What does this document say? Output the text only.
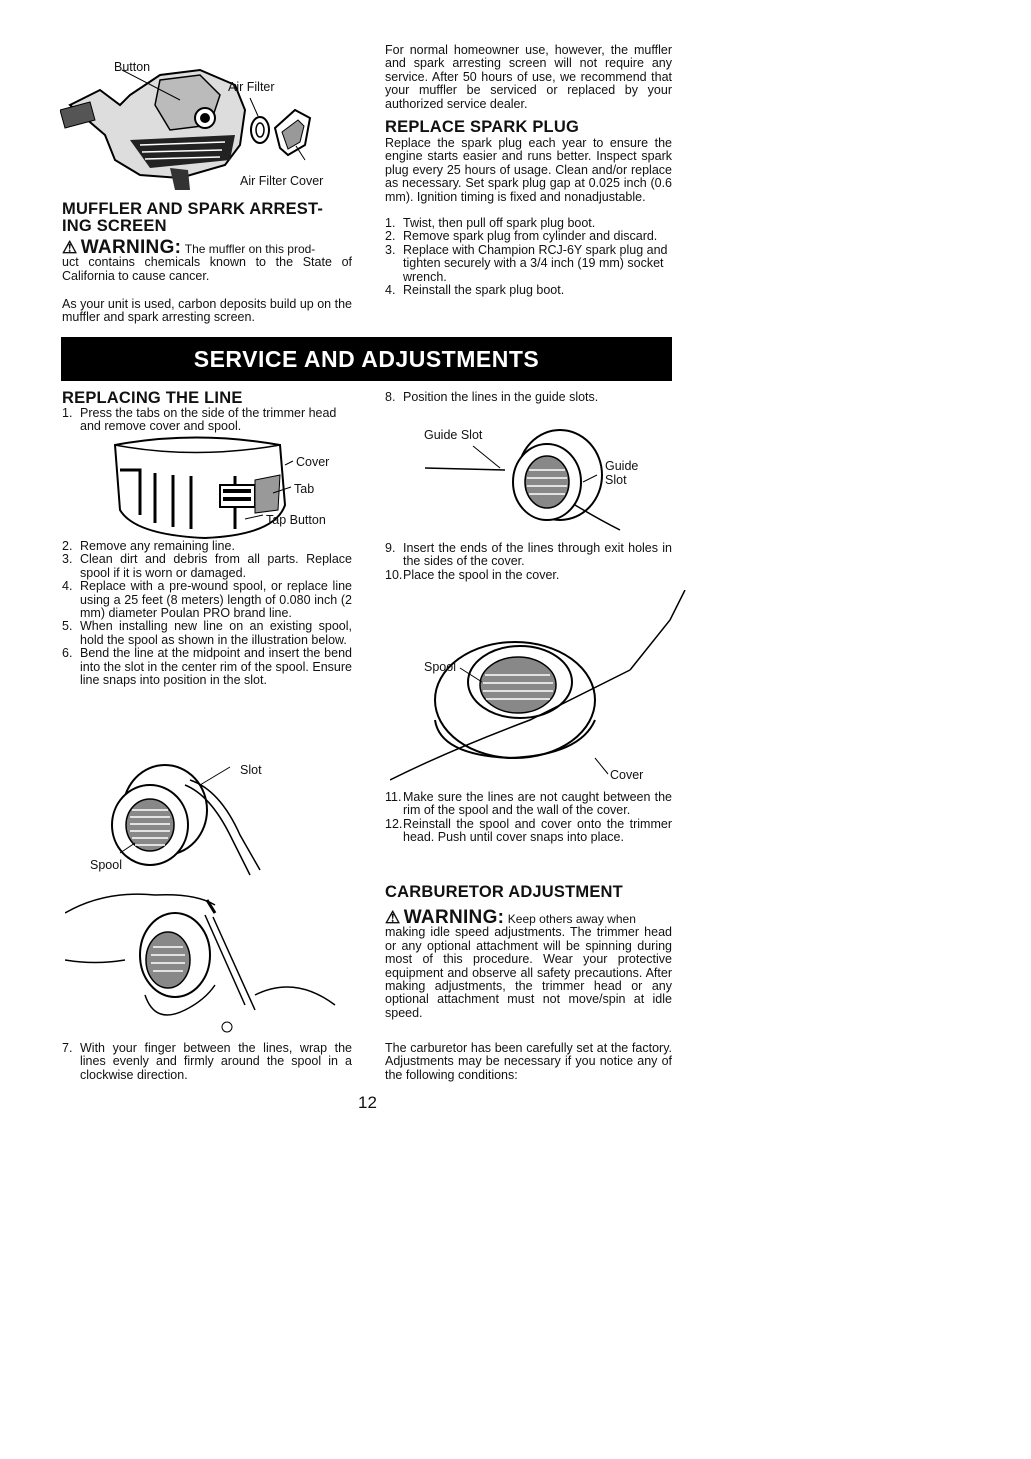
Button
Air Filter
Air Filter Cover
MUFFLER AND SPARK ARREST-
ING SCREEN
⚠ WARNING: The muffler on this prod-
uct contains chemicals known to the State of California to cause cancer.
As your unit is used, carbon deposits build up on the muffler and spark arresting screen.
For normal homeowner use, however, the muffler and spark arresting screen will not require any service. After 50 hours of use, we recommend that your muffler be serviced or replaced by your authorized service dealer.
REPLACE SPARK PLUG
Replace the spark plug each year to ensure the engine starts easier and runs better. Inspect spark plug every 25 hours of usage. Clean and/or replace as necessary. Set spark plug gap at 0.025 inch (0.6 mm). Ignition timing is fixed and nonadjustable.
1. Twist, then pull off spark plug boot.
2. Remove spark plug from cylinder and discard.
3. Replace with Champion RCJ-6Y spark plug and tighten securely with a 3/4 inch (19 mm) socket wrench.
4. Reinstall the spark plug boot.
SERVICE AND ADJUSTMENTS
REPLACING THE LINE
1. Press the tabs on the side of the trimmer head and remove cover and spool.
Cover
Tab
Tap Button
2. Remove any remaining line.
3. Clean dirt and debris from all parts. Replace spool if it is worn or damaged.
4. Replace with a pre-wound spool, or replace line using a 25 feet (8 meters) length of 0.080 inch (2 mm) diameter Poulan PRO brand line.
5. When installing new line on an existing spool, hold the spool as shown in the illustration below.
6. Bend the line at the midpoint and insert the bend into the slot in the center rim of the spool. Ensure line snaps into position in the slot.
Slot
Spool
7. With your finger between the lines, wrap the lines evenly and firmly around the spool in a clockwise direction.
8. Position the lines in the guide slots.
Guide Slot
Guide
Slot
9. Insert the ends of the lines through exit holes in the sides of the cover.
10. Place the spool in the cover.
Spool
Cover
11. Make sure the lines are not caught between the rim of the spool and the wall of the cover.
12. Reinstall the spool and cover onto the trimmer head. Push until cover snaps into place.
CARBURETOR ADJUSTMENT
⚠ WARNING: Keep others away when
making idle speed adjustments. The trimmer head or any optional attachment will be spinning during most of this procedure. Wear your protective equipment and observe all safety precautions. After making adjustments, the trimmer head or any optional attachment must not move/spin at idle speed.
The carburetor has been carefully set at the factory. Adjustments may be necessary if you notice any of the following conditions:
12
